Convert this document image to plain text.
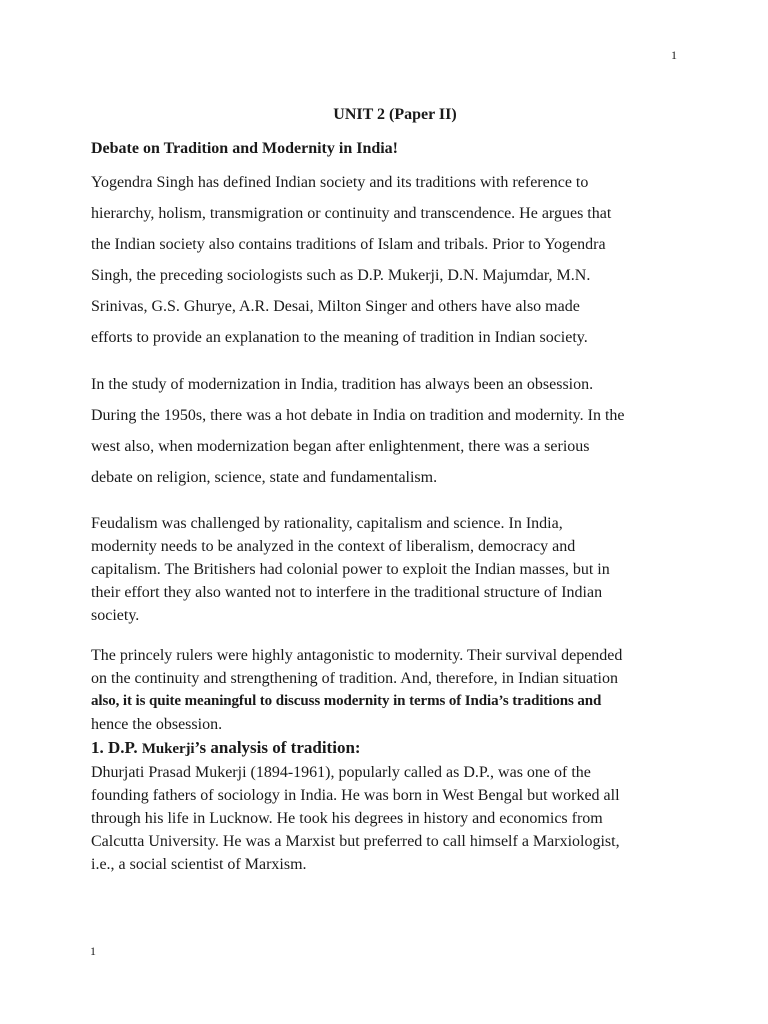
1
UNIT 2 (Paper II)
Debate on Tradition and Modernity in India!
Yogendra Singh has defined Indian society and its traditions with reference to
hierarchy, holism, transmigration or continuity and transcendence. He argues that
the Indian society also contains traditions of Islam and tribals. Prior to Yogendra
Singh, the preceding sociologists such as D.P. Mukerji, D.N. Majumdar, M.N.
Srinivas, G.S. Ghurye, A.R. Desai, Milton Singer and others have also made
efforts to provide an explanation to the meaning of tradition in Indian society.
In the study of modernization in India, tradition has always been an obsession.
During the 1950s, there was a hot debate in India on tradition and modernity. In the
west also, when modernization began after enlightenment, there was a serious
debate on religion, science, state and fundamentalism.
Feudalism was challenged by rationality, capitalism and science. In India,
modernity needs to be analyzed in the context of liberalism, democracy and
capitalism. The Britishers had colonial power to exploit the Indian masses, but in
their effort they also wanted not to interfere in the traditional structure of Indian
society.
The princely rulers were highly antagonistic to modernity. Their survival depended
on the continuity and strengthening of tradition. And, therefore, in Indian situation
also, it is quite meaningful to discuss modernity in terms of India’s traditions and
hence the obsession.
1. D.P. Mukerji’s analysis of tradition:
Dhurjati Prasad Mukerji (1894-1961), popularly called as D.P., was one of the
founding fathers of sociology in India. He was born in West Bengal but worked all
through his life in Lucknow. He took his degrees in history and economics from
Calcutta University. He was a Marxist but preferred to call himself a Marxiologist,
i.e., a social scientist of Marxism.
1
